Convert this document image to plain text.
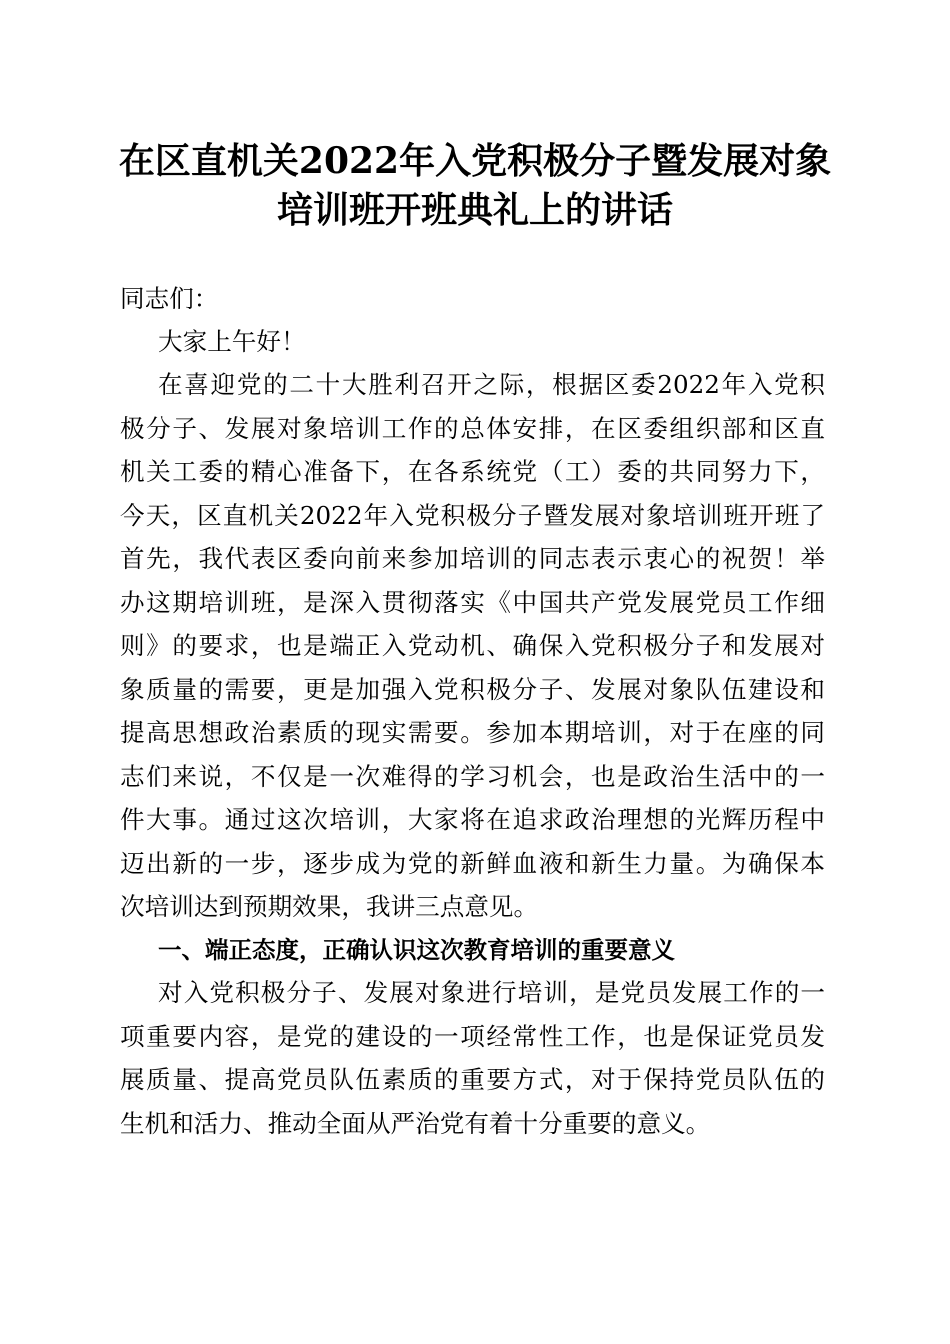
在区直机关2022年入党积极分子暨发展对象
培训班开班典礼上的讲话
同志们：
大家上午好！
在喜迎党的二十大胜利召开之际，根据区委2022年入党积
极分子、发展对象培训工作的总体安排，在区委组织部和区直
机关工委的精心准备下，在各系统党（工）委的共同努力下，
今天，区直机关2022年入党积极分子暨发展对象培训班开班了
首先，我代表区委向前来参加培训的同志表示衷心的祝贺！举
办这期培训班，是深入贯彻落实《中国共产党发展党员工作细
则》的要求，也是端正入党动机、确保入党积极分子和发展对
象质量的需要，更是加强入党积极分子、发展对象队伍建设和
提高思想政治素质的现实需要。参加本期培训，对于在座的同
志们来说，不仅是一次难得的学习机会，也是政治生活中的一
件大事。通过这次培训，大家将在追求政治理想的光辉历程中
迈出新的一步，逐步成为党的新鲜血液和新生力量。为确保本
次培训达到预期效果，我讲三点意见。
一、端正态度，正确认识这次教育培训的重要意义
对入党积极分子、发展对象进行培训，是党员发展工作的一
项重要内容，是党的建设的一项经常性工作，也是保证党员发
展质量、提高党员队伍素质的重要方式，对于保持党员队伍的
生机和活力、推动全面从严治党有着十分重要的意义。
